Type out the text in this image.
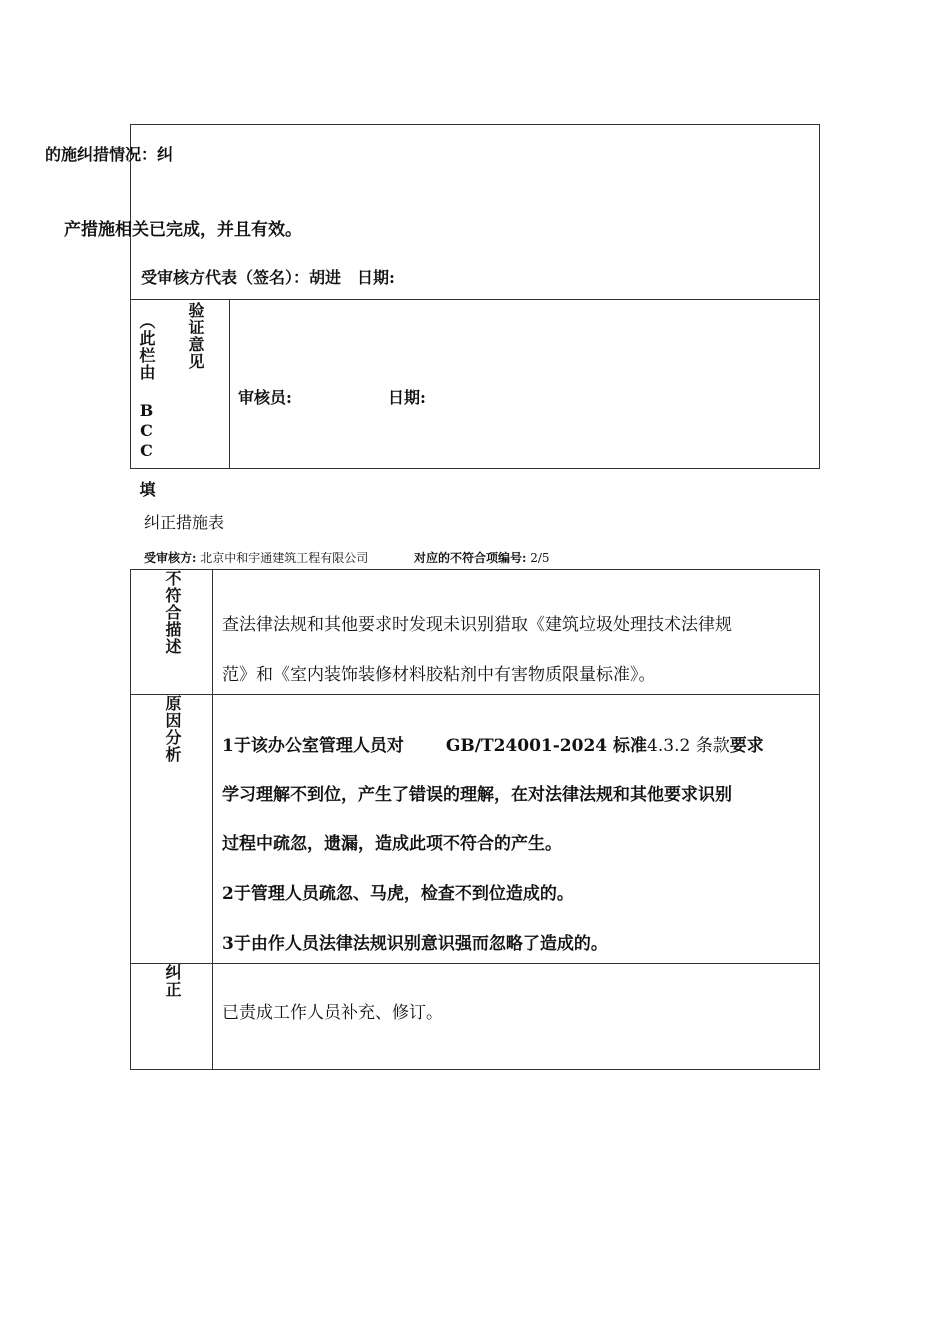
的施纠措情况：纠
产措施相关已完成，并且有效。
受审核方代表（签名）：胡进 日期:
验证意见
（此栏由 BCC 填	审核员:	日期:
纠正措施表
受审核方: 北京中和宇通建筑工程有限公司	对应的不符合项编号: 2/5
不符合描述 查法律法规和其他要求时发现未识别猎取《建筑垃圾处理技术法律规
范》和《室内装饰装修材料胶粘剂中有害物质限量标准》。
原因分析 1于该办公室管理人员对 GB/T24001-2024 标准4.3.2 条款要求
学习理解不到位，产生了错误的理解，在对法律法规和其他要求识别
过程中疏忽，遗漏，造成此项不符合的产生。
2于管理人员疏忽、马虎，检查不到位造成的。
3于由作人员法律法规识别意识强而忽略了造成的。
纠正
已责成工作人员补充、修订。
